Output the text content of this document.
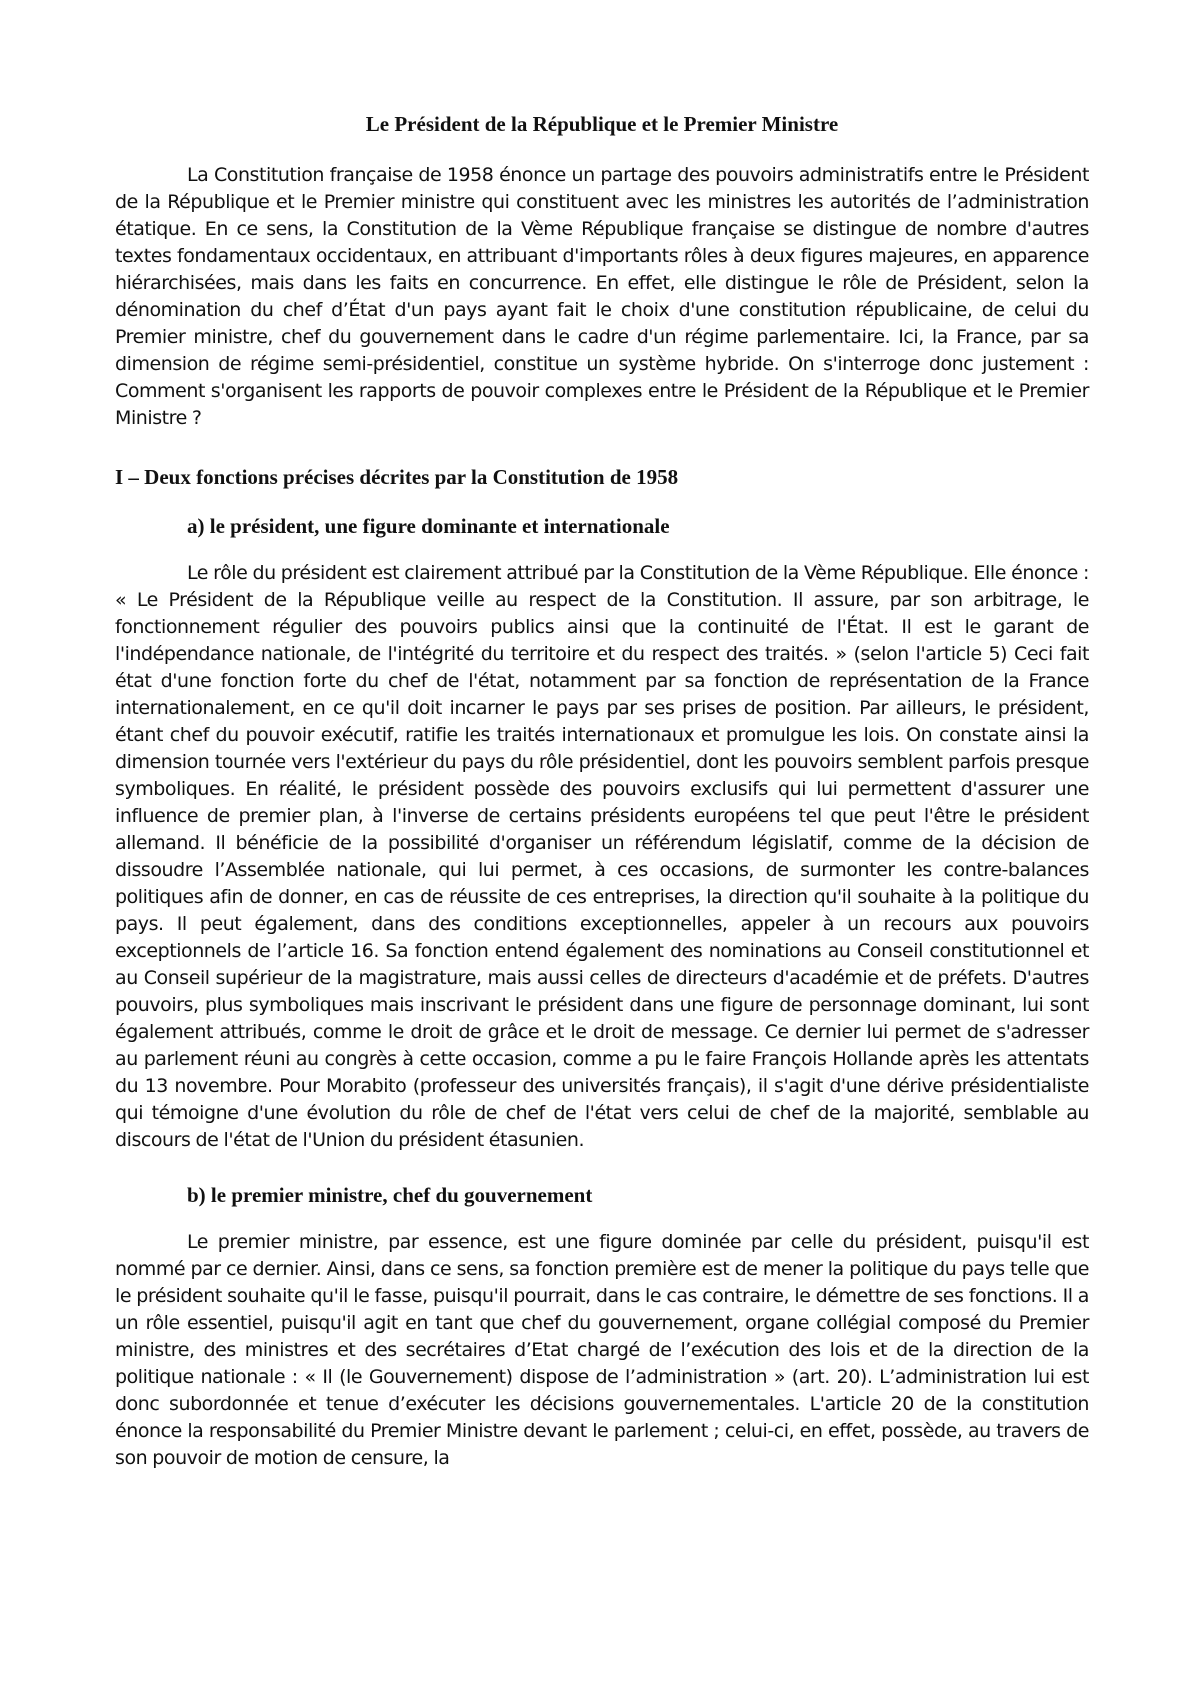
Le Président de la République et le Premier Ministre

La Constitution française de 1958 énonce un partage des pouvoirs administratifs entre le Président de la République et le Premier ministre qui constituent avec les ministres les autorités de l’administration étatique. En ce sens, la Constitution de la Vème République française se distingue de nombre d'autres textes fondamentaux occidentaux, en attribuant d'importants rôles à deux figures majeures, en apparence hiérarchisées, mais dans les faits en concurrence. En effet, elle distingue le rôle de Président, selon la dénomination du chef d’État d'un pays ayant fait le choix d'une constitution républicaine, de celui du Premier ministre, chef du gouvernement dans le cadre d'un régime parlementaire. Ici, la France, par sa dimension de régime semi-présidentiel, constitue un système hybride. On s'interroge donc justement : Comment s'organisent les rapports de pouvoir complexes entre le Président de la République et le Premier Ministre ?

I – Deux fonctions précises décrites par la Constitution de 1958
a) le président, une figure dominante et internationale

Le rôle du président est clairement attribué par la Constitution de la Vème République. Elle énonce : « Le Président de la République veille au respect de la Constitution. Il assure, par son arbitrage, le fonctionnement régulier des pouvoirs publics ainsi que la continuité de l'État. Il est le garant de l'indépendance nationale, de l'intégrité du territoire et du respect des traités. » (selon l'article 5) Ceci fait état d'une fonction forte du chef de l'état, notamment par sa fonction de représentation de la France internationalement, en ce qu'il doit incarner le pays par ses prises de position. Par ailleurs, le président, étant chef du pouvoir exécutif, ratifie les traités internationaux et promulgue les lois. On constate ainsi la dimension tournée vers l'extérieur du pays du rôle présidentiel, dont les pouvoirs semblent parfois presque symboliques. En réalité, le président possède des pouvoirs exclusifs qui lui permettent d'assurer une influence de premier plan, à l'inverse de certains présidents européens tel que peut l'être le président allemand. Il bénéficie de la possibilité d'organiser un référendum législatif, comme de la décision de dissoudre l’Assemblée nationale, qui lui permet, à ces occasions, de surmonter les contre-balances politiques afin de donner, en cas de réussite de ces entreprises, la direction qu'il souhaite à la politique du pays. Il peut également, dans des conditions exceptionnelles, appeler à un recours aux pouvoirs exceptionnels de l’article 16. Sa fonction entend également des nominations au Conseil constitutionnel et au Conseil supérieur de la magistrature, mais aussi celles de directeurs d'académie et de préfets. D'autres pouvoirs, plus symboliques mais inscrivant le président dans une figure de personnage dominant, lui sont également attribués, comme le droit de grâce et le droit de message. Ce dernier lui permet de s'adresser au parlement réuni au congrès à cette occasion, comme a pu le faire François Hollande après les attentats du 13 novembre. Pour Morabito (professeur des universités français), il s'agit d'une dérive présidentialiste qui témoigne d'une évolution du rôle de chef de l'état vers celui de chef de la majorité, semblable au discours de l'état de l'Union du président étasunien.

b) le premier ministre, chef du gouvernement

Le premier ministre, par essence, est une figure dominée par celle du président, puisqu'il est nommé par ce dernier. Ainsi, dans ce sens, sa fonction première est de mener la politique du pays telle que le président souhaite qu'il le fasse, puisqu'il pourrait, dans le cas contraire, le démettre de ses fonctions. Il a un rôle essentiel, puisqu'il agit en tant que chef du gouvernement, organe collégial composé du Premier ministre, des ministres et des secrétaires d’Etat chargé de l’exécution des lois et de la direction de la politique nationale : « Il (le Gouvernement) dispose de l’administration » (art. 20). L’administration lui est donc subordonnée et tenue d’exécuter les décisions gouvernementales. L'article 20 de la constitution énonce la responsabilité du Premier Ministre devant le parlement ; celui-ci, en effet, possède, au travers de son pouvoir de motion de censure, la
